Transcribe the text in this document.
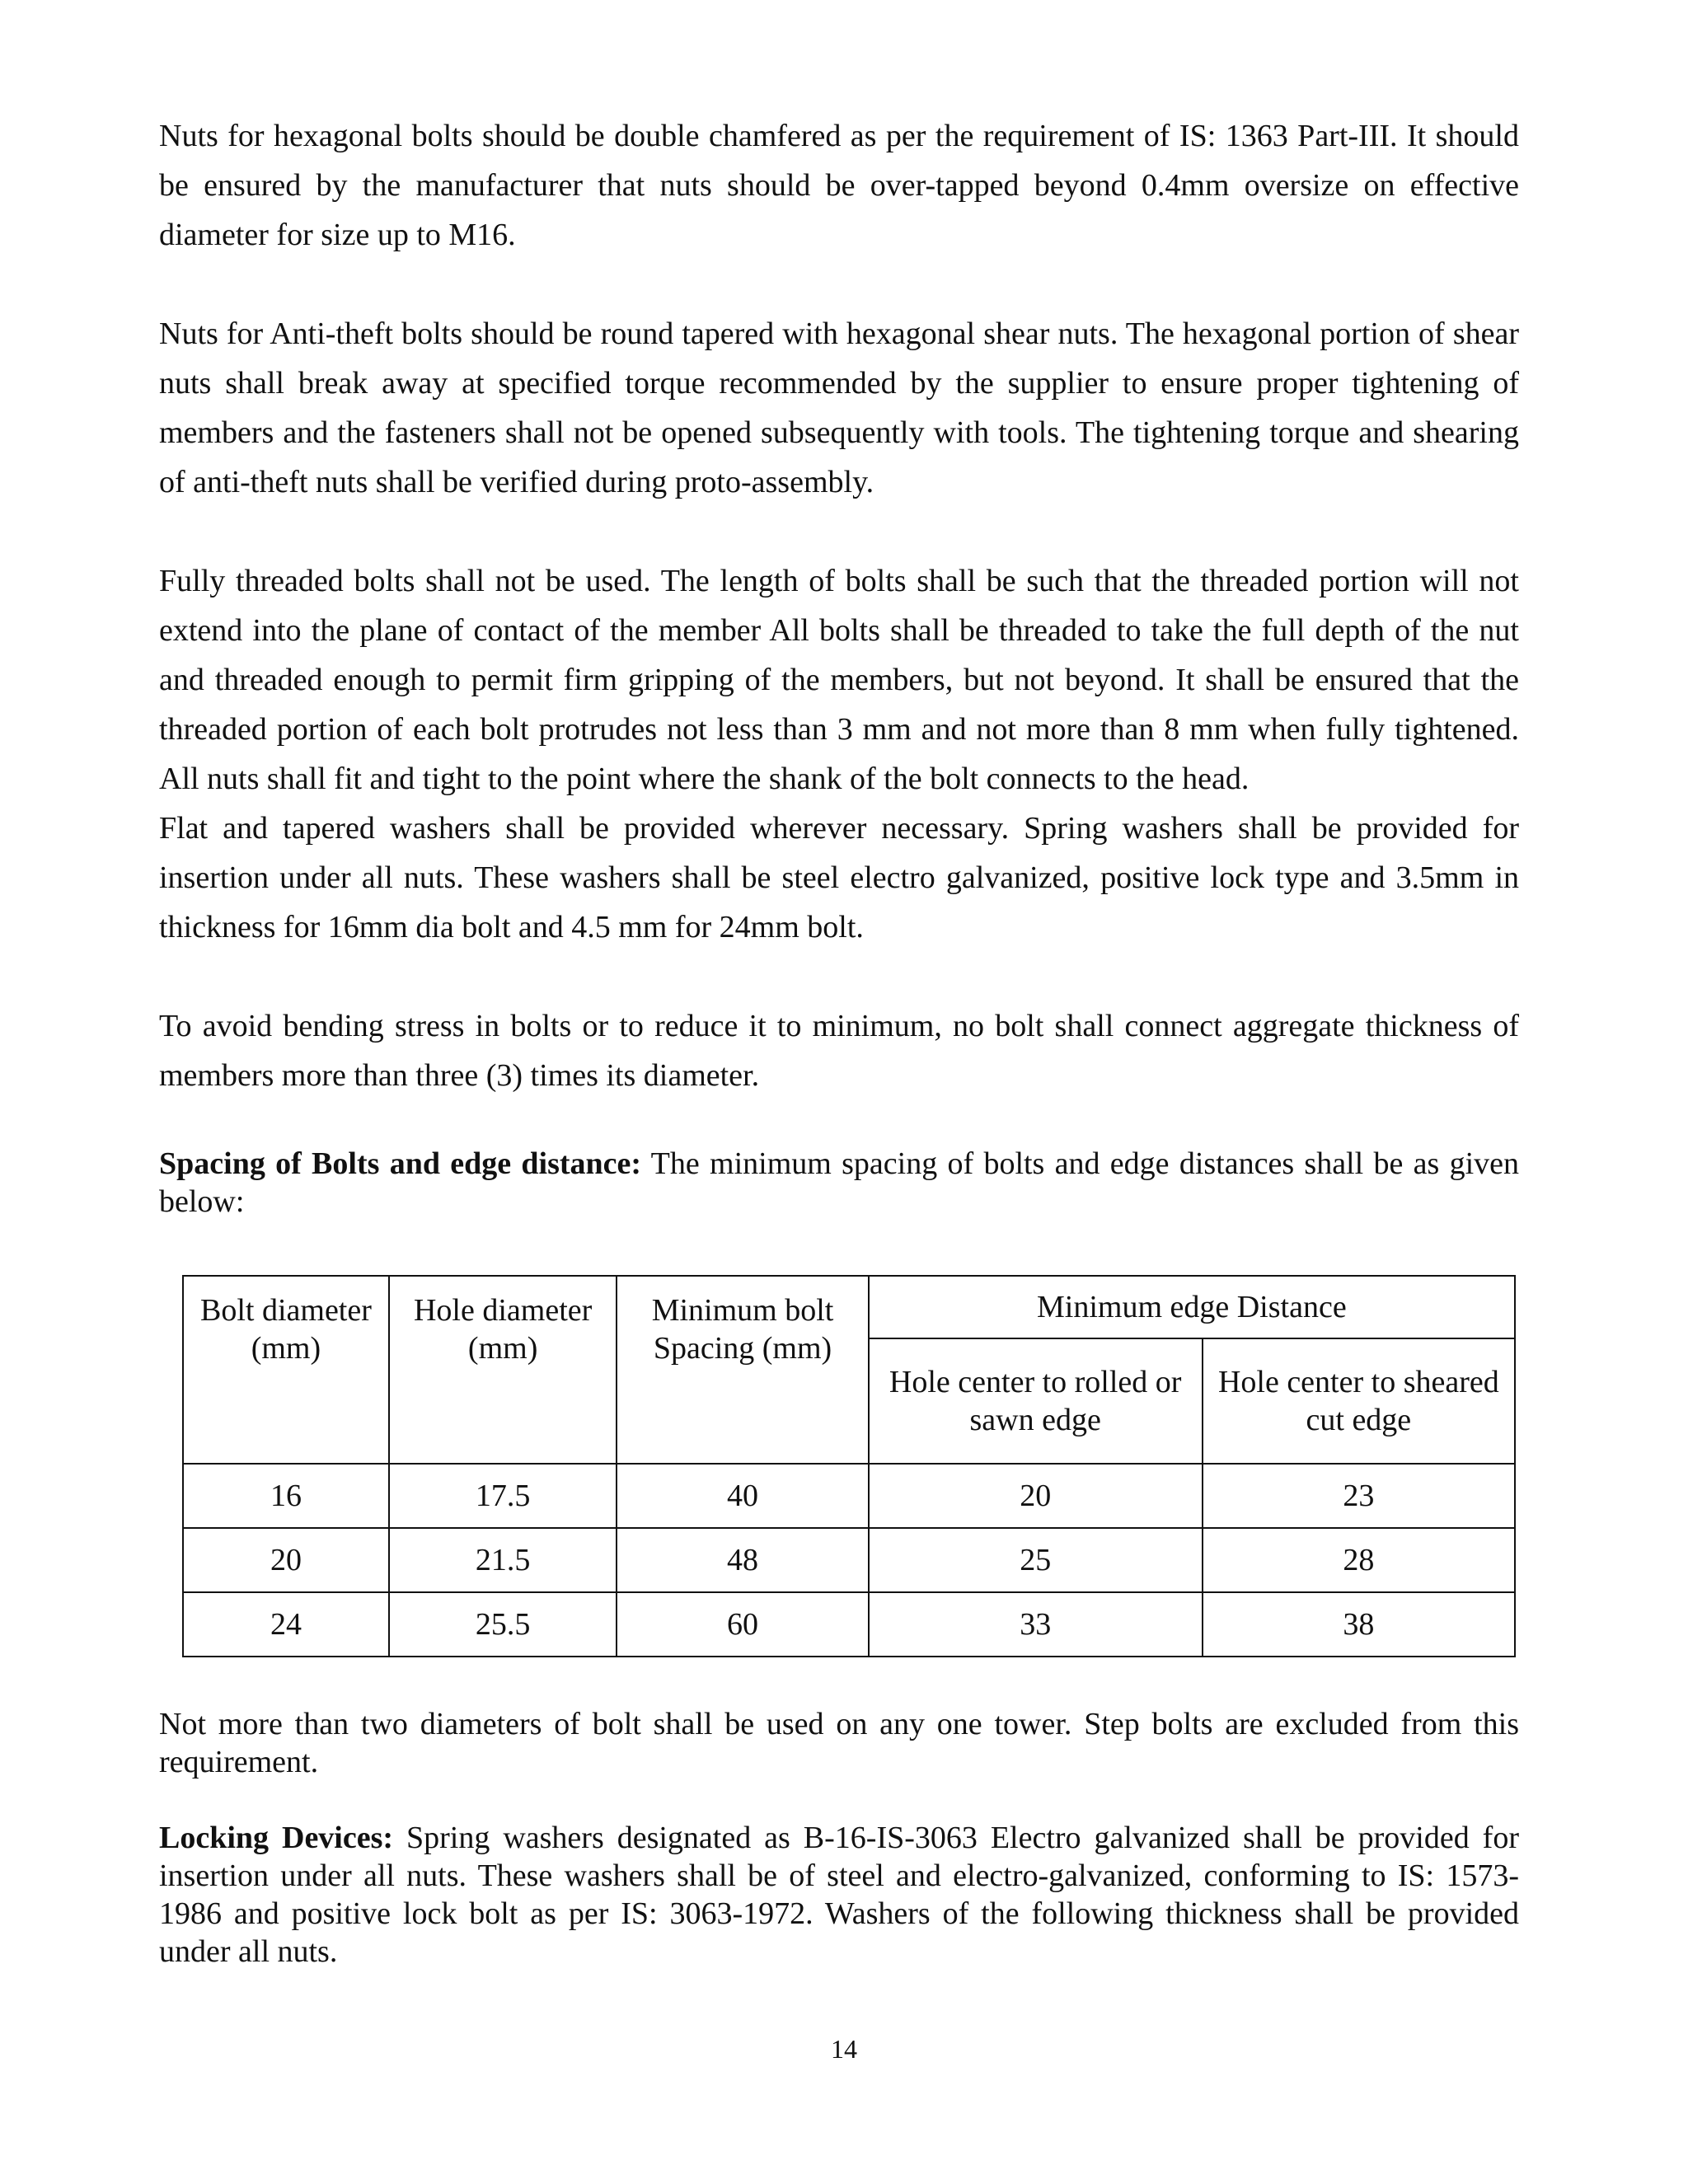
Nuts for hexagonal bolts should be double chamfered as per the requirement of IS: 1363 Part-III. It should be ensured by the manufacturer that nuts should be over-tapped beyond 0.4mm oversize on effective diameter for size up to M16.

Nuts for Anti-theft bolts should be round tapered with hexagonal shear nuts. The hexagonal portion of shear nuts shall break away at specified torque recommended by the supplier to ensure proper tightening of members and the fasteners shall not be opened subsequently with tools. The tightening torque and shearing of anti-theft nuts shall be verified during proto-assembly.

Fully threaded bolts shall not be used. The length of bolts shall be such that the threaded portion will not extend into the plane of contact of the member All bolts shall be threaded to take the full depth of the nut and threaded enough to permit firm gripping of the members, but not beyond. It shall be ensured that the threaded portion of each bolt protrudes not less than 3 mm and not more than 8 mm when fully tightened. All nuts shall fit and tight to the point where the shank of the bolt connects to the head.

Flat and tapered washers shall be provided wherever necessary. Spring washers shall be provided for insertion under all nuts. These washers shall be steel electro galvanized, positive lock type and 3.5mm in thickness for 16mm dia bolt and 4.5 mm for 24mm bolt.

To avoid bending stress in bolts or to reduce it to minimum, no bolt shall connect aggregate thickness of members more than three (3) times its diameter.

Spacing of Bolts and edge distance: The minimum spacing of bolts and edge distances shall be as given below:

Bolt diameter (mm)	Hole diameter (mm)	Minimum bolt Spacing (mm)	Minimum edge Distance	
			Hole center to rolled or sawn edge	Hole center to sheared cut edge
16	17.5	40	20	23
20	21.5	48	25	28
24	25.5	60	33	38

Not more than two diameters of bolt shall be used on any one tower. Step bolts are excluded from this requirement.

Locking Devices: Spring washers designated as B-16-IS-3063 Electro galvanized shall be provided for insertion under all nuts. These washers shall be of steel and electro-galvanized, conforming to IS: 1573-1986 and positive lock bolt as per IS: 3063-1972. Washers of the following thickness shall be provided under all nuts.

14
